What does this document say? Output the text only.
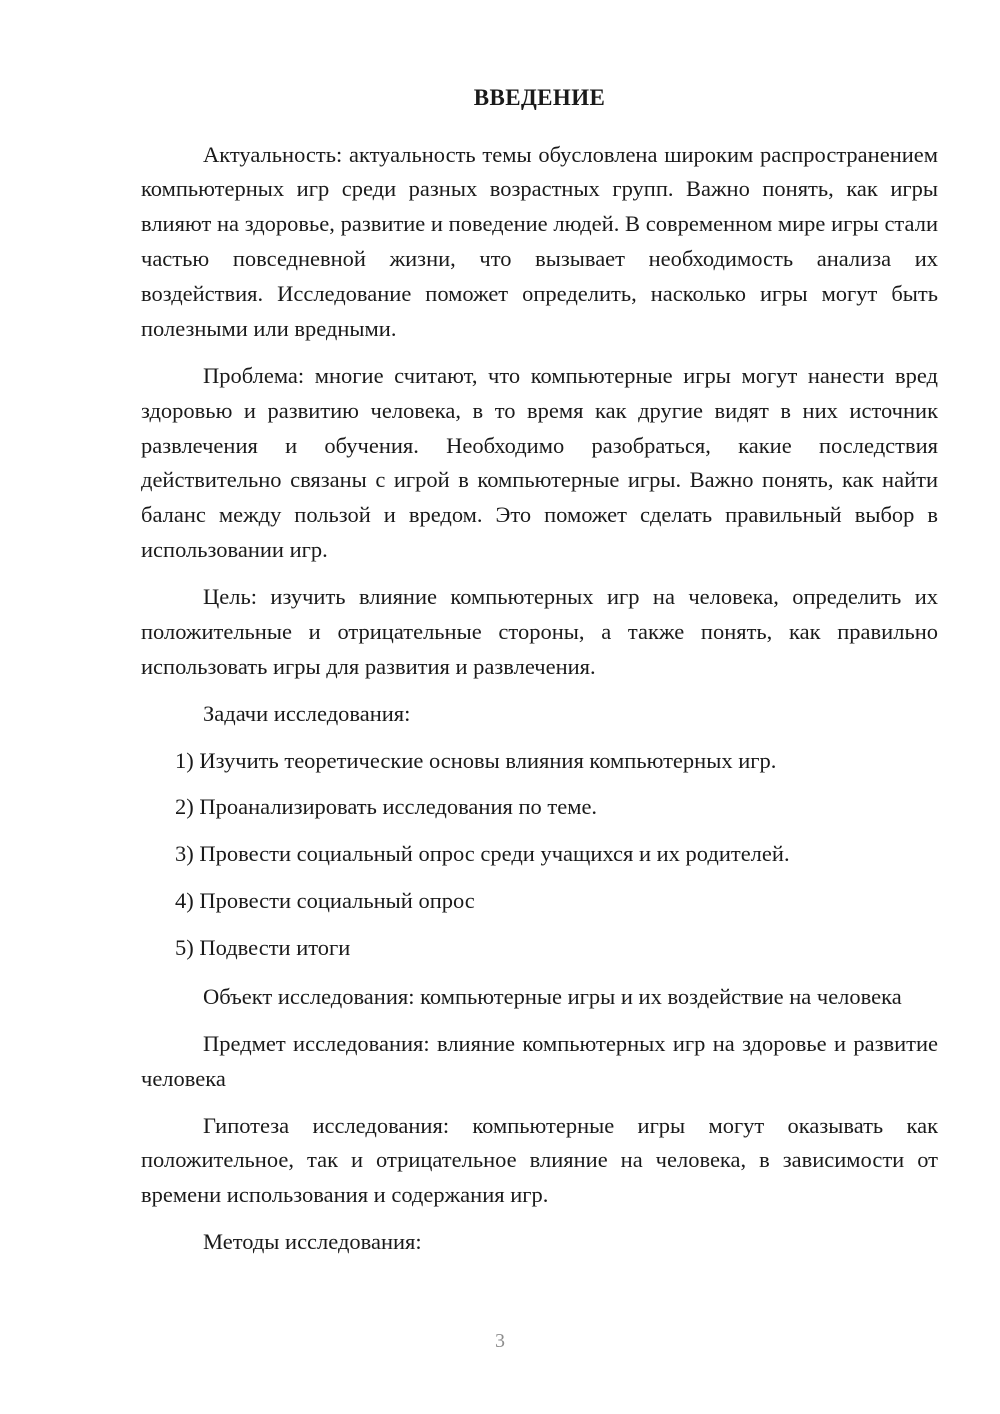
ВВЕДЕНИЕ

Актуальность: актуальность темы обусловлена широким распространением компьютерных игр среди разных возрастных групп. Важно понять, как игры влияют на здоровье, развитие и поведение людей. В современном мире игры стали частью повседневной жизни, что вызывает необходимость анализа их воздействия. Исследование поможет определить, насколько игры могут быть полезными или вредными.

Проблема: многие считают, что компьютерные игры могут нанести вред здоровью и развитию человека, в то время как другие видят в них источник развлечения и обучения. Необходимо разобраться, какие последствия действительно связаны с игрой в компьютерные игры. Важно понять, как найти баланс между пользой и вредом. Это поможет сделать правильный выбор в использовании игр.

Цель: изучить влияние компьютерных игр на человека, определить их положительные и отрицательные стороны, а также понять, как правильно использовать игры для развития и развлечения.

Задачи исследования:

1) Изучить теоретические основы влияния компьютерных игр.
2) Проанализировать исследования по теме.
3) Провести социальный опрос среди учащихся и их родителей.
4) Провести социальный опрос
5) Подвести итоги

Объект исследования: компьютерные игры и их воздействие на человека

Предмет исследования: влияние компьютерных игр на здоровье и развитие человека

Гипотеза исследования: компьютерные игры могут оказывать как положительное, так и отрицательное влияние на человека, в зависимости от времени использования и содержания игр.

Методы исследования:

3
